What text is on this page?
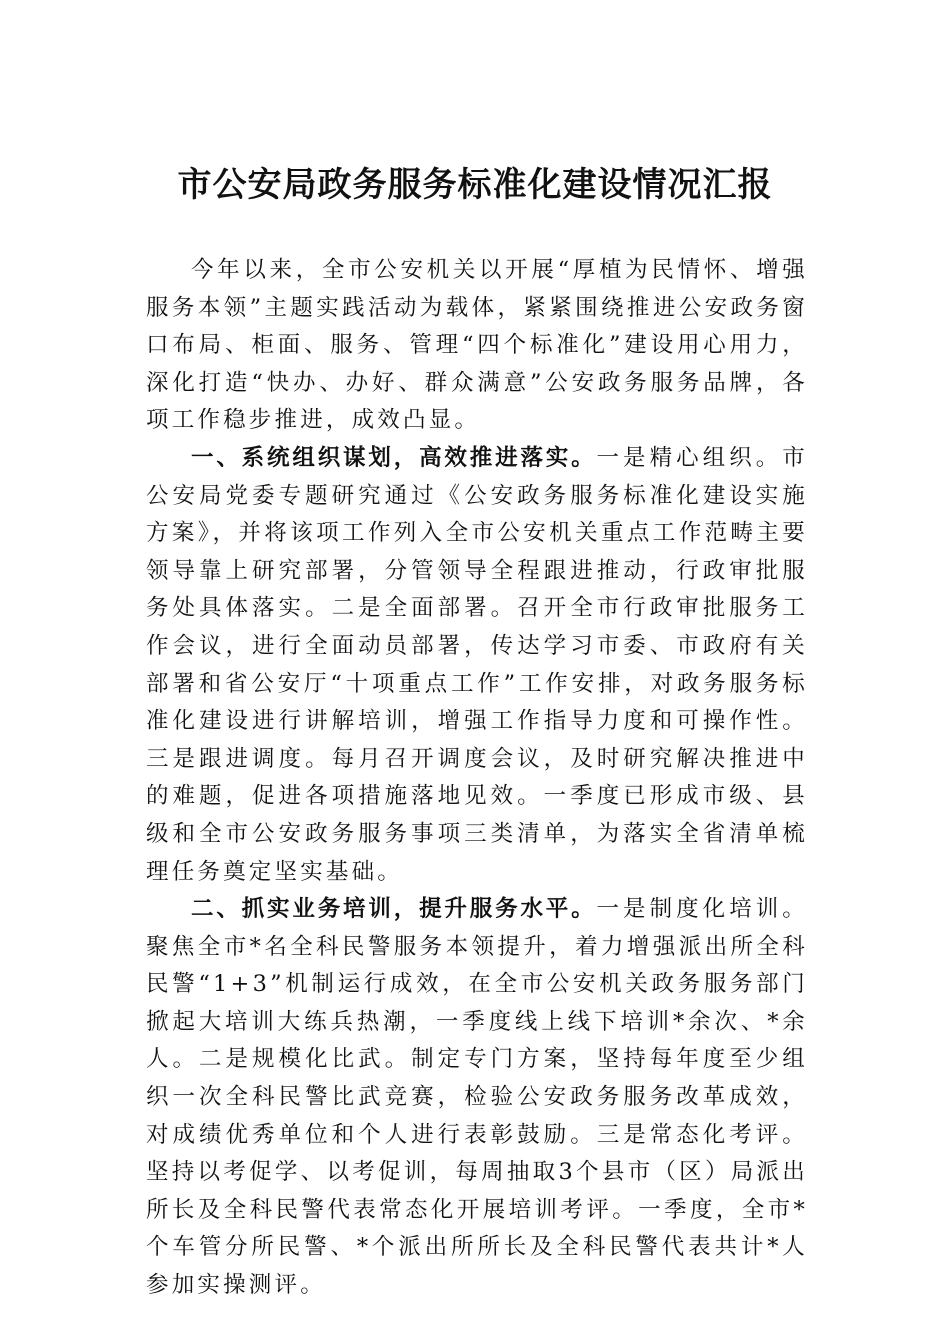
市公安局政务服务标准化建设情况汇报

今年以来，全市公安机关以开展“厚植为民情怀、增强服务本领”主题实践活动为载体，紧紧围绕推进公安政务窗口布局、柜面、服务、管理“四个标准化”建设用心用力，深化打造“快办、办好、群众满意”公安政务服务品牌，各项工作稳步推进，成效凸显。

一、系统组织谋划，高效推进落实。一是精心组织。市公安局党委专题研究通过《公安政务服务标准化建设实施方案》，并将该项工作列入全市公安机关重点工作范畴主要领导靠上研究部署，分管领导全程跟进推动，行政审批服务处具体落实。二是全面部署。召开全市行政审批服务工作会议，进行全面动员部署，传达学习市委、市政府有关部署和省公安厅“十项重点工作”工作安排，对政务服务标准化建设进行讲解培训，增强工作指导力度和可操作性。三是跟进调度。每月召开调度会议，及时研究解决推进中的难题，促进各项措施落地见效。一季度已形成市级、县级和全市公安政务服务事项三类清单，为落实全省清单梳理任务奠定坚实基础。

二、抓实业务培训，提升服务水平。一是制度化培训。聚焦全市*名全科民警服务本领提升，着力增强派出所全科民警“1+3”机制运行成效，在全市公安机关政务服务部门掀起大培训大练兵热潮，一季度线上线下培训*余次、*余人。二是规模化比武。制定专门方案，坚持每年度至少组织一次全科民警比武竞赛，检验公安政务服务改革成效，对成绩优秀单位和个人进行表彰鼓励。三是常态化考评。坚持以考促学、以考促训，每周抽取3个县市（区）局派出所长及全科民警代表常态化开展培训考评。一季度，全市*个车管分所民警、*个派出所所长及全科民警代表共计*人参加实操测评。
